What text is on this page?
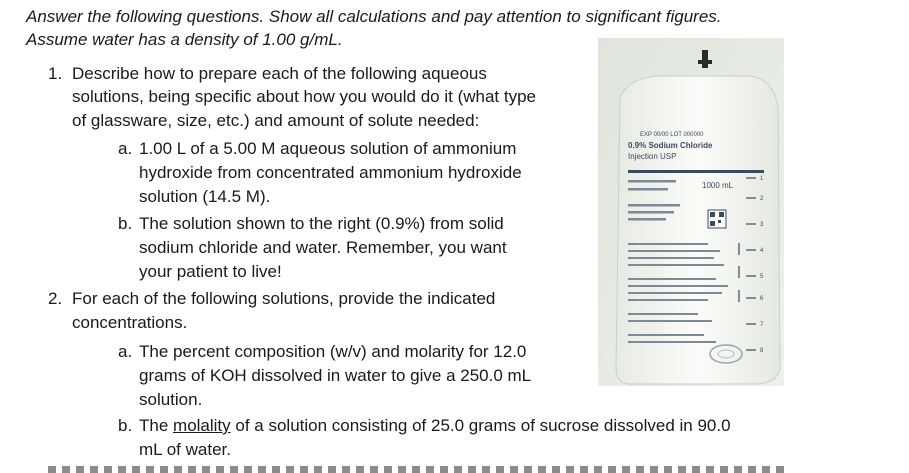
Answer the following questions. Show all calculations and pay attention to significant figures.
Assume water has a density of 1.00 g/mL.
1. Describe how to prepare each of the following aqueous
solutions, being specific about how you would do it (what type
of glassware, size, etc.) and amount of solute needed:
a. 1.00 L of a 5.00 M aqueous solution of ammonium
hydroxide from concentrated ammonium hydroxide
solution (14.5 M).
b. The solution shown to the right (0.9%) from solid
sodium chloride and water. Remember, you want
your patient to live!
2. For each of the following solutions, provide the indicated
concentrations.
a. The percent composition (w/v) and molarity for 12.0
grams of KOH dissolved in water to give a 250.0 mL
solution.
b. The molality of a solution consisting of 25.0 grams of sucrose dissolved in 90.0
mL of water.
EXP 00/00 LOT 000000
0.9% Sodium Chloride
Injection USP
1000 mL
1
2
3
4
5
6
7
8
